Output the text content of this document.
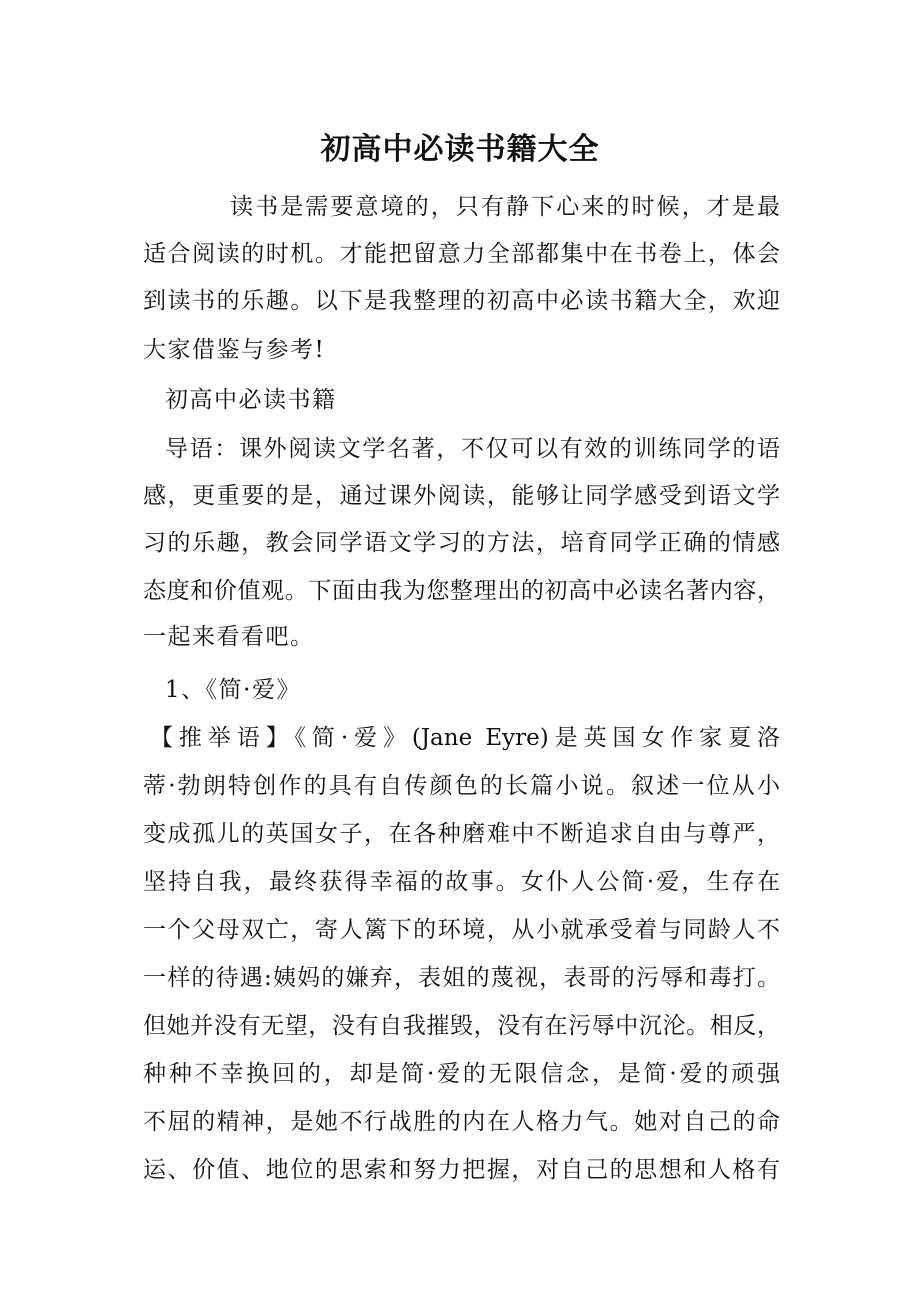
初高中必读书籍大全
读书是需要意境的，只有静下心来的时候，才是最
适合阅读的时机。才能把留意力全部都集中在书卷上，体会
到读书的乐趣。以下是我整理的初高中必读书籍大全，欢迎
大家借鉴与参考!
初高中必读书籍
导语：课外阅读文学名著，不仅可以有效的训练同学的语
感，更重要的是，通过课外阅读，能够让同学感受到语文学
习的乐趣，教会同学语文学习的方法，培育同学正确的情感
态度和价值观。下面由我为您整理出的初高中必读名著内容，
一起来看看吧。
1、《简·爱》
【推举语】《简·爱》(Jane Eyre)是英国女作家夏洛
蒂·勃朗特创作的具有自传颜色的长篇小说。叙述一位从小
变成孤儿的英国女子，在各种磨难中不断追求自由与尊严，
坚持自我，最终获得幸福的故事。女仆人公简·爱，生存在
一个父母双亡，寄人篱下的环境，从小就承受着与同龄人不
一样的待遇:姨妈的嫌弃，表姐的蔑视，表哥的污辱和毒打。
但她并没有无望，没有自我摧毁，没有在污辱中沉沦。相反，
种种不幸换回的，却是简·爱的无限信念，是简·爱的顽强
不屈的精神，是她不行战胜的内在人格力气。她对自己的命
运、价值、地位的思索和努力把握，对自己的思想和人格有
